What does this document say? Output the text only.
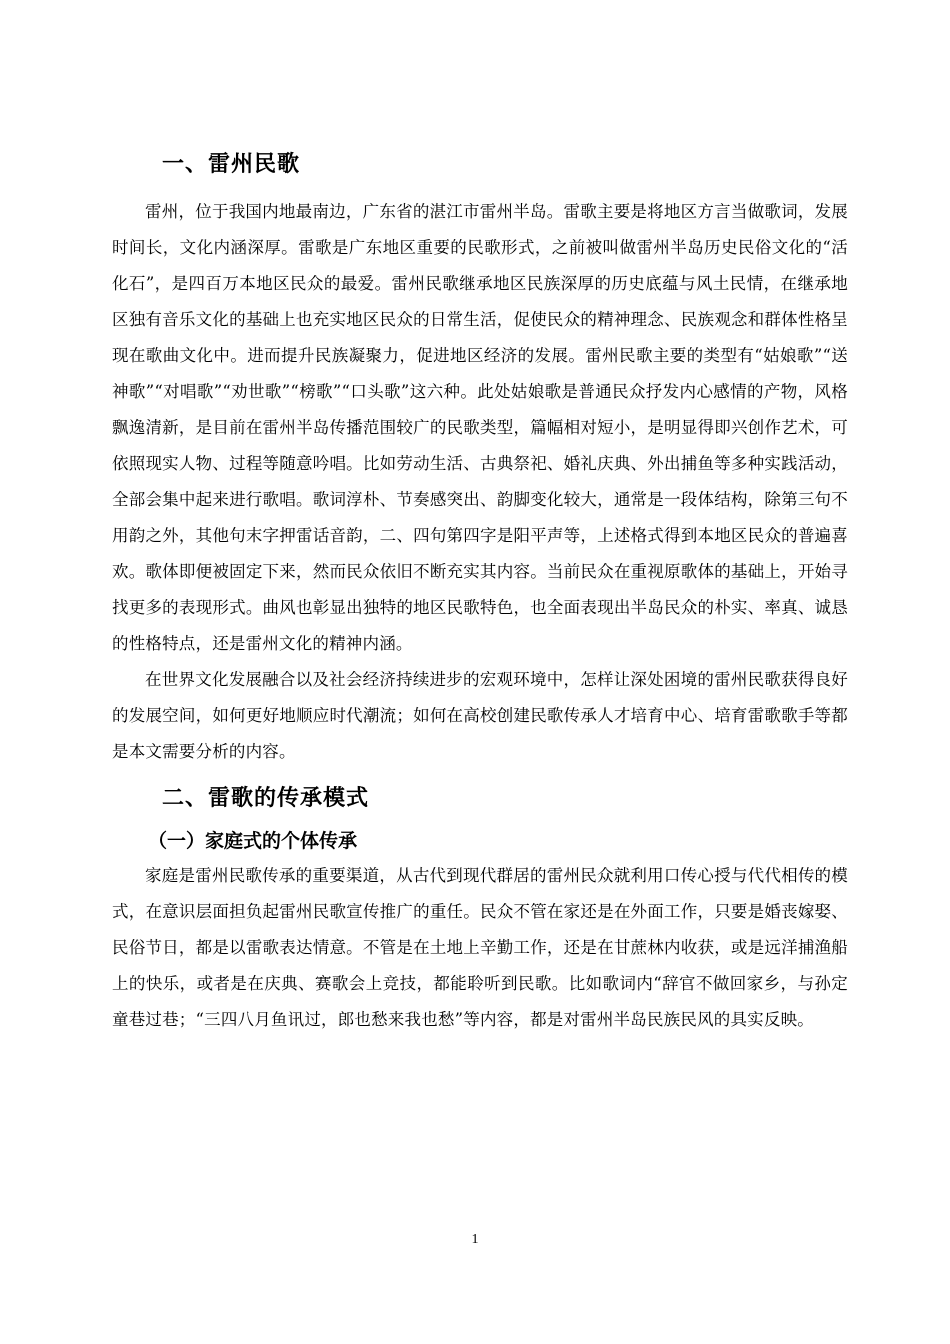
一、雷州民歌

雷州，位于我国内地最南边，广东省的湛江市雷州半岛。雷歌主要是将地区方言当做歌词，发展时间长，文化内涵深厚。雷歌是广东地区重要的民歌形式，之前被叫做雷州半岛历史民俗文化的“活化石”，是四百万本地区民众的最爱。雷州民歌继承地区民族深厚的历史底蕴与风土民情，在继承地区独有音乐文化的基础上也充实地区民众的日常生活，促使民众的精神理念、民族观念和群体性格呈现在歌曲文化中。进而提升民族凝聚力，促进地区经济的发展。雷州民歌主要的类型有“姑娘歌”“送神歌”“对唱歌”“劝世歌”“榜歌”“口头歌”这六种。此处姑娘歌是普通民众抒发内心感情的产物，风格飘逸清新，是目前在雷州半岛传播范围较广的民歌类型，篇幅相对短小，是明显得即兴创作艺术，可依照现实人物、过程等随意吟唱。比如劳动生活、古典祭祀、婚礼庆典、外出捕鱼等多种实践活动，全部会集中起来进行歌唱。歌词淳朴、节奏感突出、韵脚变化较大，通常是一段体结构，除第三句不用韵之外，其他句末字押雷话音韵，二、四句第四字是阳平声等，上述格式得到本地区民众的普遍喜欢。歌体即便被固定下来，然而民众依旧不断充实其内容。当前民众在重视原歌体的基础上，开始寻找更多的表现形式。曲风也彰显出独特的地区民歌特色，也全面表现出半岛民众的朴实、率真、诚恳的性格特点，还是雷州文化的精神内涵。

在世界文化发展融合以及社会经济持续进步的宏观环境中，怎样让深处困境的雷州民歌获得良好的发展空间，如何更好地顺应时代潮流；如何在高校创建民歌传承人才培育中心、培育雷歌歌手等都是本文需要分析的内容。

二、雷歌的传承模式
（一）家庭式的个体传承

家庭是雷州民歌传承的重要渠道，从古代到现代群居的雷州民众就利用口传心授与代代相传的模式，在意识层面担负起雷州民歌宣传推广的重任。民众不管在家还是在外面工作，只要是婚丧嫁娶、民俗节日，都是以雷歌表达情意。不管是在土地上辛勤工作，还是在甘蔗林内收获，或是远洋捕渔船上的快乐，或者是在庆典、赛歌会上竞技，都能聆听到民歌。比如歌词内“辞官不做回家乡，与孙定童巷过巷；“三四八月鱼讯过，郎也愁来我也愁”等内容，都是对雷州半岛民族民风的具实反映。

1
